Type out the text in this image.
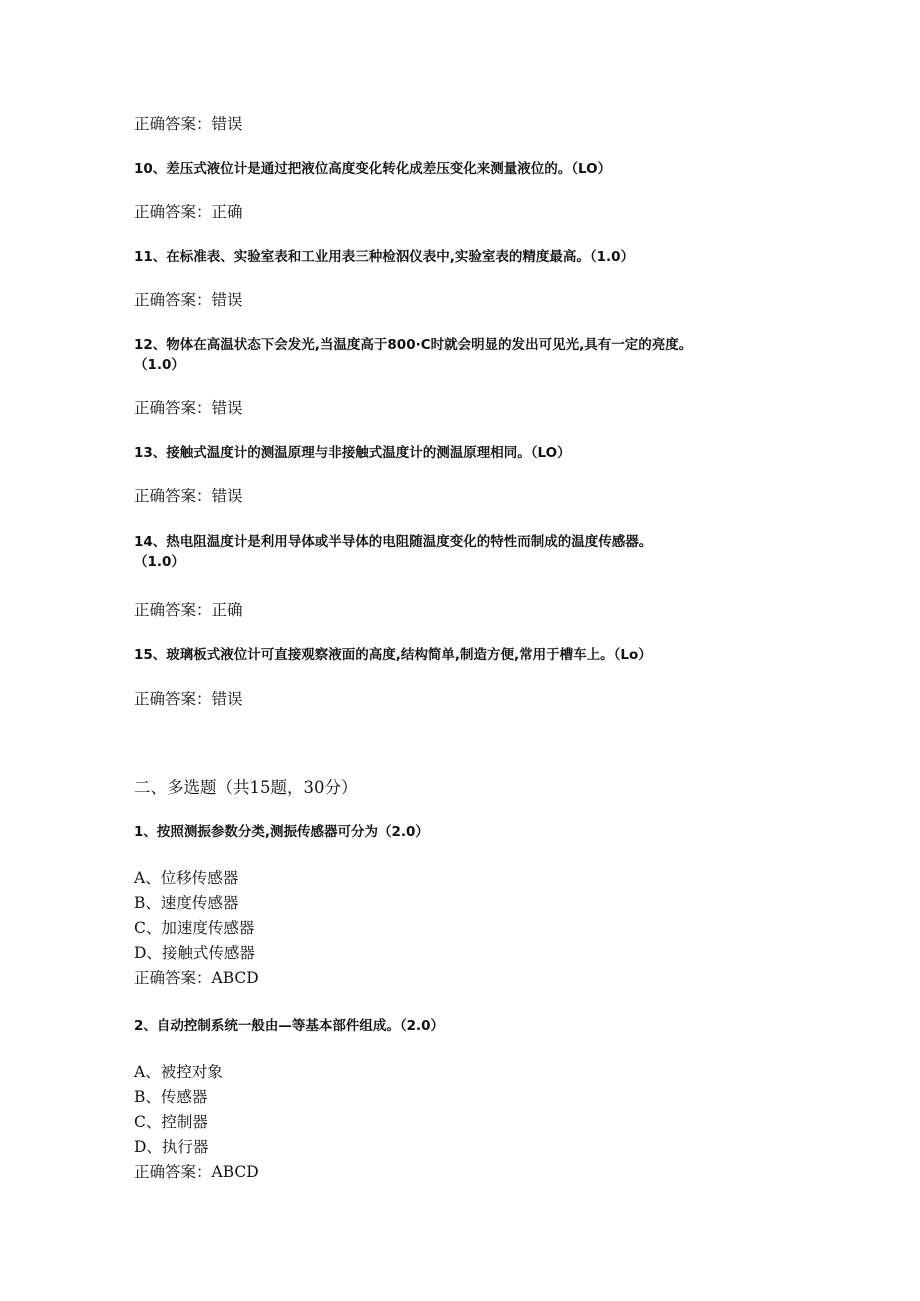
正确答案：错误
10、差压式液位计是通过把液位高度变化转化成差压变化来测量液位的。（LO）
正确答案：正确
11、在标准表、实验室表和工业用表三种检泅仪表中,实验室表的精度最高。（1.0）
正确答案：错误
12、物体在高温状态下会发光,当温度高于800·C时就会明显的发出可见光,具有一定的亮度。
（1.0）
正确答案：错误
13、接触式温度计的测温原理与非接触式温度计的测温原理相同。（LO）
正确答案：错误
14、热电阻温度计是利用导体或半导体的电阻随温度变化的特性而制成的温度传感器。
（1.0）
正确答案：正确
15、玻璃板式液位计可直接观察液面的高度,结构简单,制造方便,常用于槽车上。（Lo）
正确答案：错误
二、多选题（共15题，30分）
1、按照测振参数分类,测振传感器可分为（2.0）
A、位移传感器
B、速度传感器
C、加速度传感器
D、接触式传感器
正确答案：ABCD
2、自动控制系统一般由—等基本部件组成。（2.0）
A、被控对象
B、传感器
C、控制器
D、执行器
正确答案：ABCD
